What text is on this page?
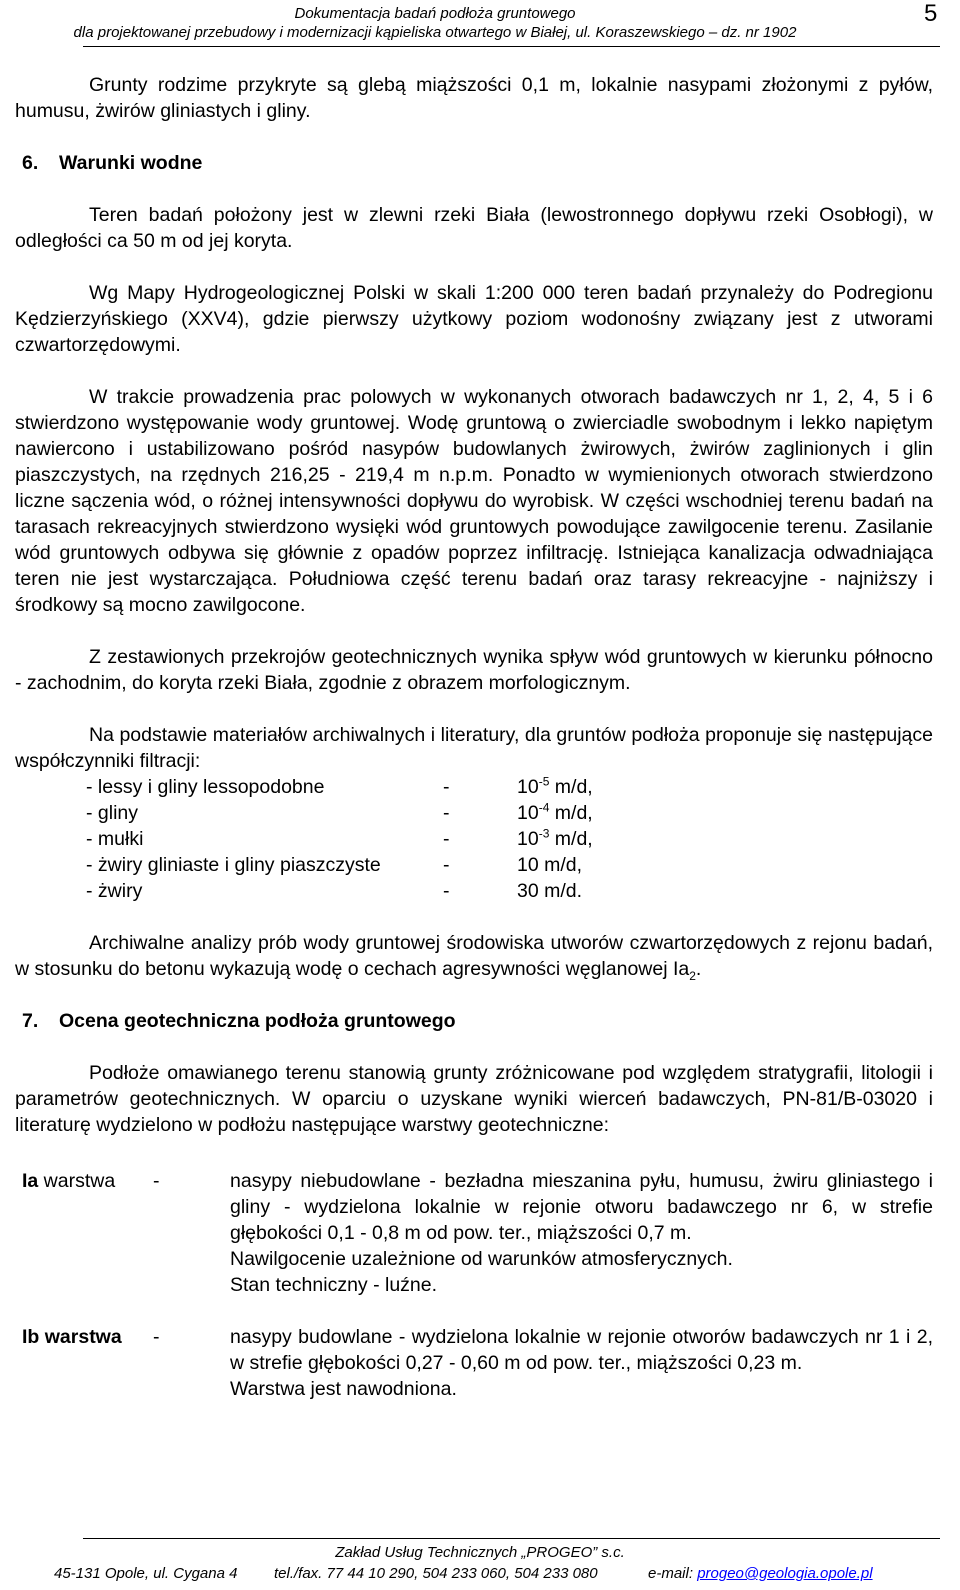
Dokumentacja badań podłoża gruntowego
dla projektowanej przebudowy i modernizacji kąpieliska otwartego w Białej, ul. Koraszewskiego – dz. nr 1902
5

Grunty rodzime przykryte są glebą miąższości 0,1 m, lokalnie nasypami złożonymi z pyłów, humusu, żwirów gliniastych i gliny.

6. Warunki wodne

Teren badań położony jest w zlewni rzeki Biała (lewostronnego dopływu rzeki Osobłogi), w odległości ca 50 m od jej koryta.

Wg Mapy Hydrogeologicznej Polski w skali 1:200 000 teren badań przynależy do Podregionu Kędzierzyńskiego (XXV4), gdzie pierwszy użytkowy poziom wodonośny związany jest z utworami czwartorzędowymi.

W trakcie prowadzenia prac polowych w wykonanych otworach badawczych nr 1, 2, 4, 5 i 6 stwierdzono występowanie wody gruntowej. Wodę gruntową o zwierciadle swobodnym i lekko napiętym nawiercono i ustabilizowano pośród nasypów budowlanych żwirowych, żwirów zaglinionych i glin piaszczystych, na rzędnych 216,25 - 219,4 m n.p.m. Ponadto w wymienionych otworach stwierdzono liczne sączenia wód, o różnej intensywności dopływu do wyrobisk. W części wschodniej terenu badań na tarasach rekreacyjnych stwierdzono wysięki wód gruntowych powodujące zawilgocenie terenu. Zasilanie wód gruntowych odbywa się głównie z opadów poprzez infiltrację. Istniejąca kanalizacja odwadniająca teren nie jest wystarczająca. Południowa część terenu badań oraz tarasy rekreacyjne - najniższy i środkowy są mocno zawilgocone.

Z zestawionych przekrojów geotechnicznych wynika spływ wód gruntowych w kierunku północno - zachodnim, do koryta rzeki Biała, zgodnie z obrazem morfologicznym.

Na podstawie materiałów archiwalnych i literatury, dla gruntów podłoża proponuje się następujące współczynniki filtracji:

- lessy i gliny lessopodobne	-	$10^{-5}$ m/d,
- gliny	-	$10^{-4}$ m/d,
- mułki	-	$10^{-3}$ m/d,
- żwiry gliniaste i gliny piaszczyste	-	10 m/d,
- żwiry	-	30 m/d.

Archiwalne analizy prób wody gruntowej środowiska utworów czwartorzędowych z rejonu badań, w stosunku do betonu wykazują wodę o cechach agresywności węglanowej $Ia_2$.

7. Ocena geotechniczna podłoża gruntowego

Podłoże omawianego terenu stanowią grunty zróżnicowane pod względem stratygrafii, litologii i parametrów geotechnicznych. W oparciu o uzyskane wyniki wierceń badawczych, PN-81/B-03020 i literaturę wydzielono w podłożu następujące warstwy geotechniczne:

Ia warstwa -	nasypy niebudowlane - bezładna mieszanina pyłu, humusu, żwiru gliniastego i gliny - wydzielona lokalnie w rejonie otworu badawczego nr 6, w strefie głębokości 0,1 - 0,8 m od pow. ter., miąższości 0,7 m.
Nawilgocenie uzależnione od warunków atmosferycznych.
Stan techniczny - luźne.
Ib warstwa -	nasypy budowlane - wydzielona lokalnie w rejonie otworów badawczych nr 1 i 2, w strefie głębokości 0,27 - 0,60 m od pow. ter., miąższości 0,23 m.
Warstwa jest nawodniona.
Zakład Usług Technicznych „PROGEO” s.c.
45-131 Opole, ul. Cygana 4 tel./fax. 77 44 10 290, 504 233 060, 504 233 080	e-mail: progeo@geologia.opole.pl
